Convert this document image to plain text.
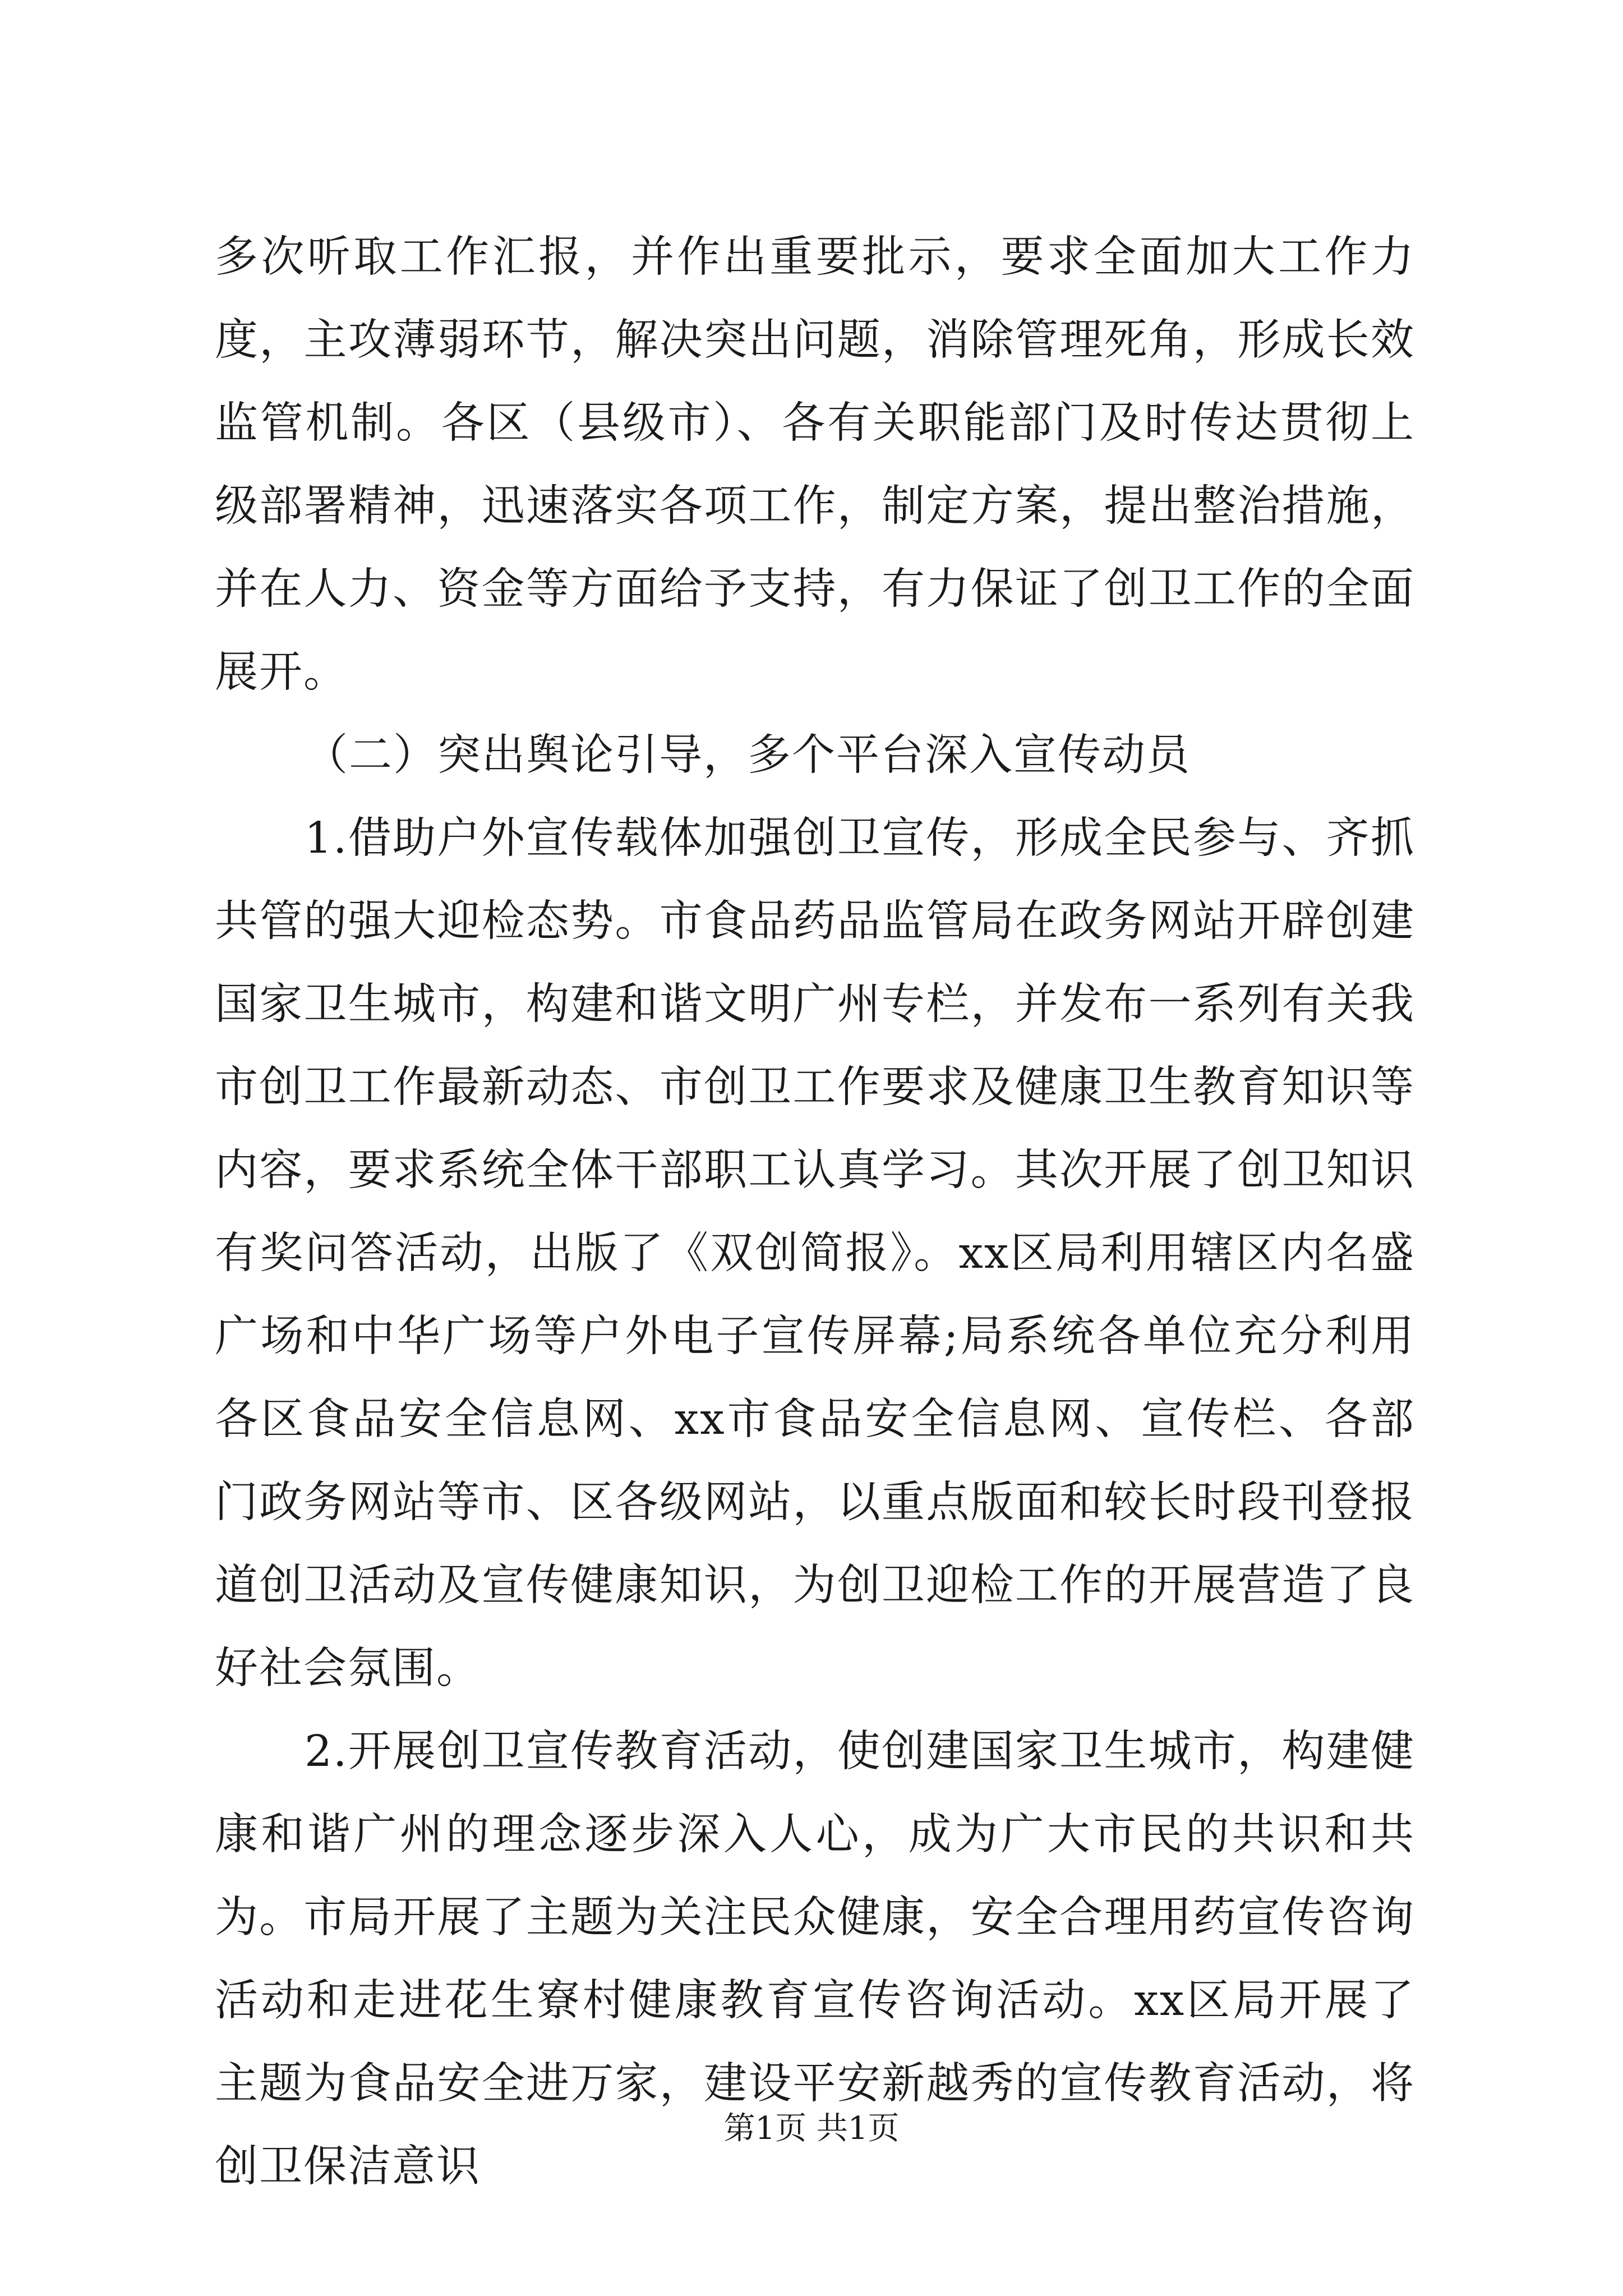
多次听取工作汇报，并作出重要批示，要求全面加大工作力度，主攻薄弱环节，解决突出问题，消除管理死角，形成长效监管机制。各区（县级市）、各有关职能部门及时传达贯彻上级部署精神，迅速落实各项工作，制定方案，提出整治措施，并在人力、资金等方面给予支持，有力保证了创卫工作的全面展开。

（二）突出舆论引导，多个平台深入宣传动员

1.借助户外宣传载体加强创卫宣传，形成全民参与、齐抓共管的强大迎检态势。市食品药品监管局在政务网站开辟创建国家卫生城市，构建和谐文明广州专栏，并发布一系列有关我市创卫工作最新动态、市创卫工作要求及健康卫生教育知识等内容，要求系统全体干部职工认真学习。其次开展了创卫知识有奖问答活动，出版了《双创简报》。xx区局利用辖区内名盛广场和中华广场等户外电子宣传屏幕;局系统各单位充分利用各区食品安全信息网、xx市食品安全信息网、宣传栏、各部门政务网站等市、区各级网站，以重点版面和较长时段刊登报道创卫活动及宣传健康知识，为创卫迎检工作的开展营造了良好社会氛围。

2.开展创卫宣传教育活动，使创建国家卫生城市，构建健康和谐广州的理念逐步深入人心，成为广大市民的共识和共为。市局开展了主题为关注民众健康，安全合理用药宣传咨询活动和走进花生寮村健康教育宣传咨询活动。xx区局开展了主题为食品安全进万家，建设平安新越秀的宣传教育活动，将创卫保洁意识

第1页 共1页
